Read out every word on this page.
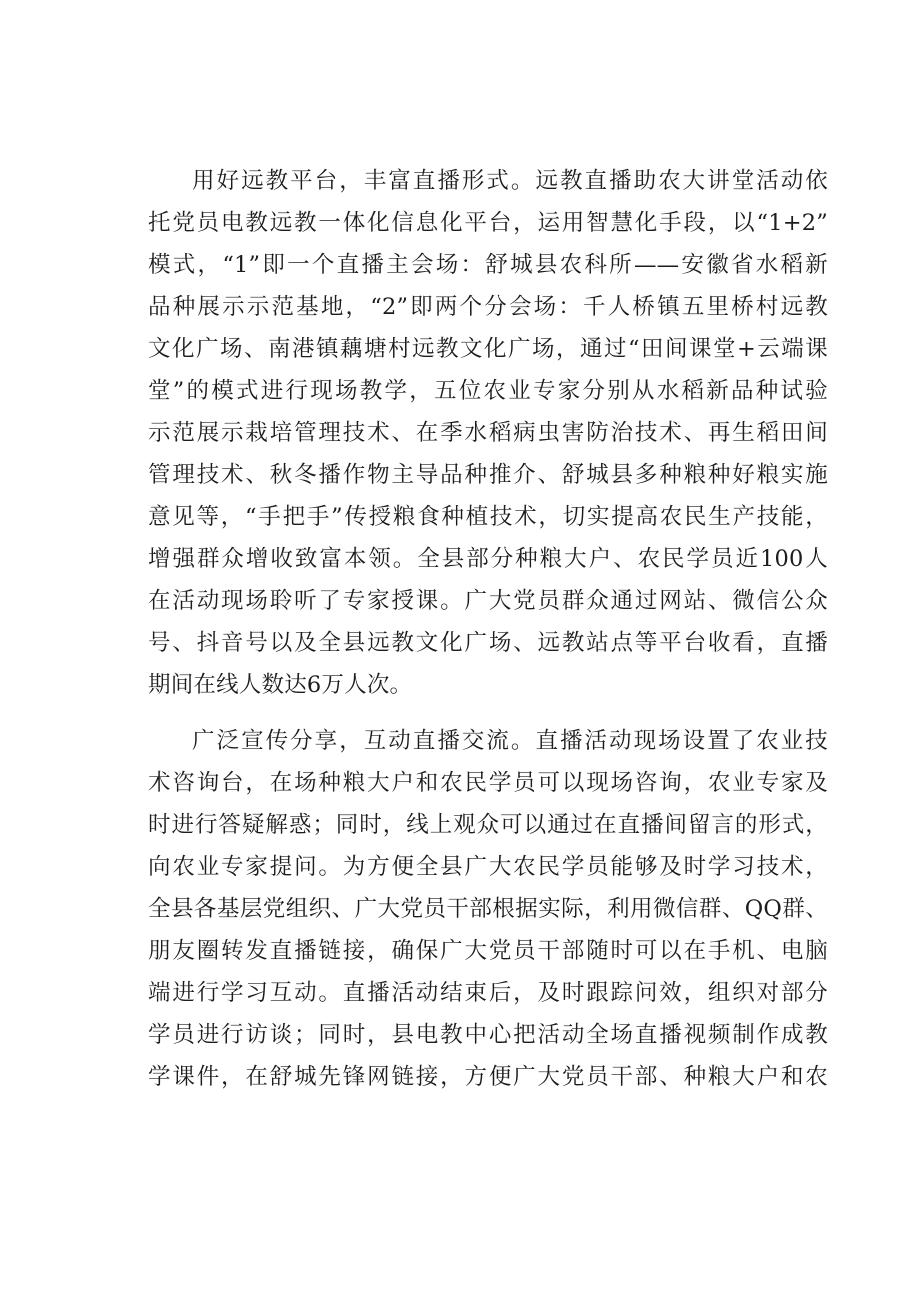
用好远教平台，丰富直播形式。远教直播助农大讲堂活动依
托党员电教远教一体化信息化平台，运用智慧化手段，以“1+2”
模式，“1”即一个直播主会场：舒城县农科所——安徽省水稻新
品种展示示范基地，“2”即两个分会场：千人桥镇五里桥村远教
文化广场、南港镇藕塘村远教文化广场，通过“田间课堂+云端课
堂”的模式进行现场教学，五位农业专家分别从水稻新品种试验
示范展示栽培管理技术、在季水稻病虫害防治技术、再生稻田间
管理技术、秋冬播作物主导品种推介、舒城县多种粮种好粮实施
意见等，“手把手”传授粮食种植技术，切实提高农民生产技能，
增强群众增收致富本领。全县部分种粮大户、农民学员近100人
在活动现场聆听了专家授课。广大党员群众通过网站、微信公众
号、抖音号以及全县远教文化广场、远教站点等平台收看，直播
期间在线人数达6万人次。
广泛宣传分享，互动直播交流。直播活动现场设置了农业技
术咨询台，在场种粮大户和农民学员可以现场咨询，农业专家及
时进行答疑解惑；同时，线上观众可以通过在直播间留言的形式，
向农业专家提问。为方便全县广大农民学员能够及时学习技术，
全县各基层党组织、广大党员干部根据实际，利用微信群、QQ群、
朋友圈转发直播链接，确保广大党员干部随时可以在手机、电脑
端进行学习互动。直播活动结束后，及时跟踪问效，组织对部分
学员进行访谈；同时，县电教中心把活动全场直播视频制作成教
学课件，在舒城先锋网链接，方便广大党员干部、种粮大户和农
